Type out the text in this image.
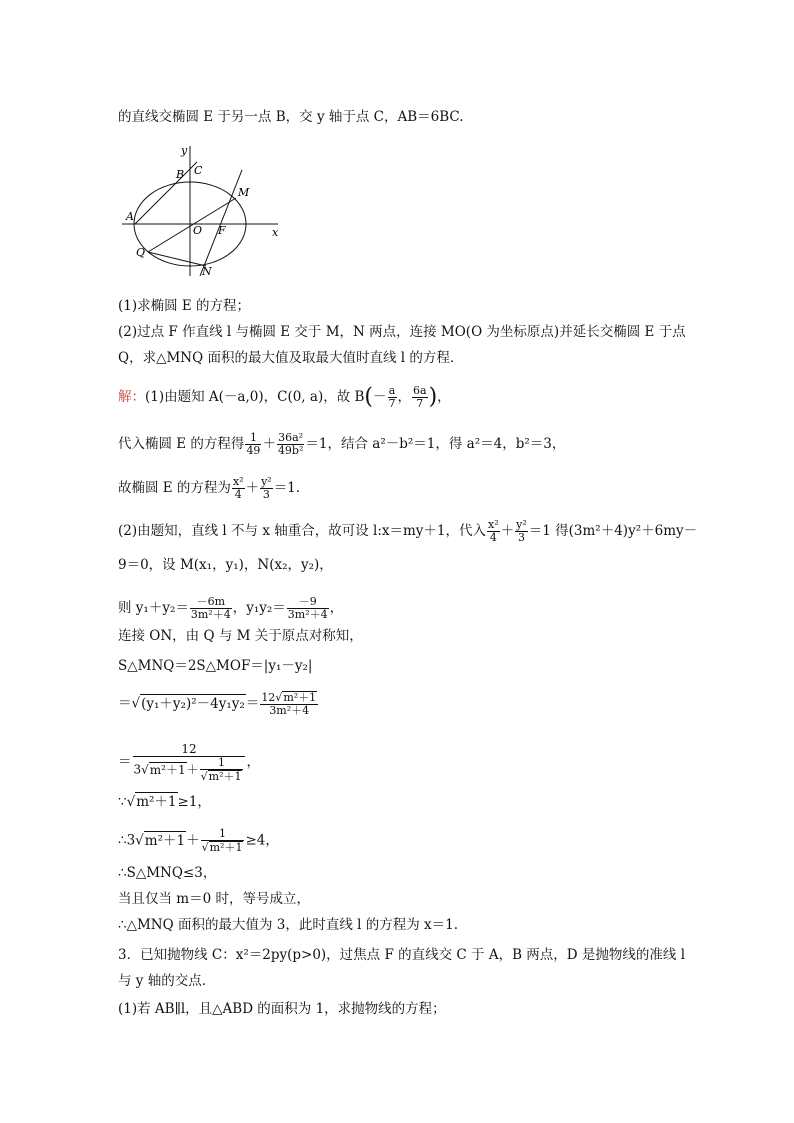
的直线交椭圆 E 于另一点 B，交 y 轴于点 C，AB＝6BC.
y
x
A
B C
M
O F
Q
N
(1)求椭圆 E 的方程；
(2)过点 F 作直线 l 与椭圆 E 交于 M，N 两点，连接 MO(O 为坐标原点)并延长交椭圆 E 于点
Q，求△MNQ 面积的最大值及取最大值时直线 l 的方程．
解：(1)由题知 A(－a,0)，C(0, a)，故 $B(- \frac{a}{7}$ ， $\frac{6a}{7}$ )，
代入椭圆 E 的方程得 $\frac{1}{49} + \frac{\text{36a²}}{\text{49b²}} =1$，结合 a²－b²＝1，得 a²＝4，b²＝3，
故椭圆 E 的方程为 $\frac{\text{x²}}{4} + \frac{\text{y²}}{3} =1$.
(2)由题知，直线 l 不与 x 轴重合，故可设 l:x＝my＋1，代入 $\frac{\text{x²}}{4} + \frac{\text{y²}}{3} =1$ 得(3m²＋4)y²＋6my－
9＝0，设 M(x₁，y₁)，N(x₂，y₂)，
则 $y_1+y_2= \frac{-6m}{\text{3m²＋4}}$ ，$y_1y_2= \frac{-9}{\text{3m²＋4}}$ ，
连接 ON，由 Q 与 M 关于原点对称知，
S△MNQ＝2S△MOF＝|y₁－y₂|
$=√(y_1+y_2)^2-4y_1y_2= \frac{\text{12√m²＋1}}{\text{3m²＋4}}$
＝ $\frac{12}{3√m^2+1+ \frac{1}{\text{√m²＋1}}}$ ，
∵√m²＋1≥1，
∴3√m²＋1＋ $\frac{1}{\text{√m²＋1}} \ge 4$，
∴S△MNQ≤3，
当且仅当 m＝0 时，等号成立，
∴△MNQ 面积的最大值为 3，此时直线 l 的方程为 x＝1.
3．已知抛物线 C：x²＝2py(p>0)，过焦点 F 的直线交 C 于 A，B 两点，D 是抛物线的准线 l
与 y 轴的交点．
(1)若 AB∥l，且△ABD 的面积为 1，求抛物线的方程；
